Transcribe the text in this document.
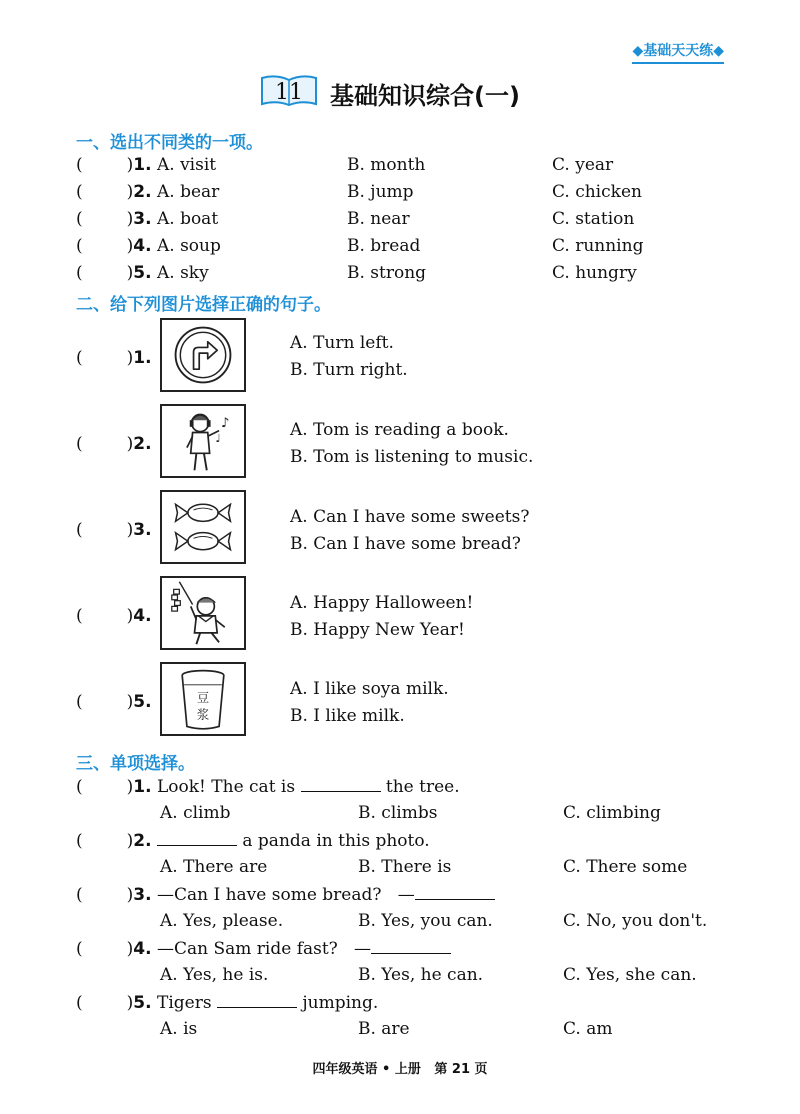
◆基础天天练◆
11 基础知识综合(一)
一、选出不同类的一项。
(	)1. A. visit	B. month	C. year
(	)2. A. bear	B. jump	C. chicken
(	)3. A. boat	B. near	C. station
(	)4. A. soup	B. bread	C. running
(	)5. A. sky	B. strong	C. hungry
二、给下列图片选择正确的句子。
(	)1.
A. Turn left.
B. Turn right.
(	)2.
♪
♩	A. Tom is reading a book.
B. Tom is listening to music.
(	)3.
A. Can I have some sweets?
B. Can I have some bread?
(	)4.
A. Happy Halloween!
B. Happy New Year!
(	)5.	豆
浆
A. I like soya milk.
B. I like milk.
三、单项选择。
(	)1. Look! The cat is	the tree.
A. climb	B. climbs	C. climbing
(	)2.	a panda in this photo.
A. There are	B. There is	C. There some
(	)3. —Can I have some bread?   —
A. Yes, please.	B. Yes, you can.	C. No, you don't.
(	)4. —Can Sam ride fast?   —
A. Yes, he is.	B. Yes, he can.	C. Yes, she can.
(	)5. Tigers	jumping.
A. is	B. are	C. am
四年级英语 • 上册   第 21 页
